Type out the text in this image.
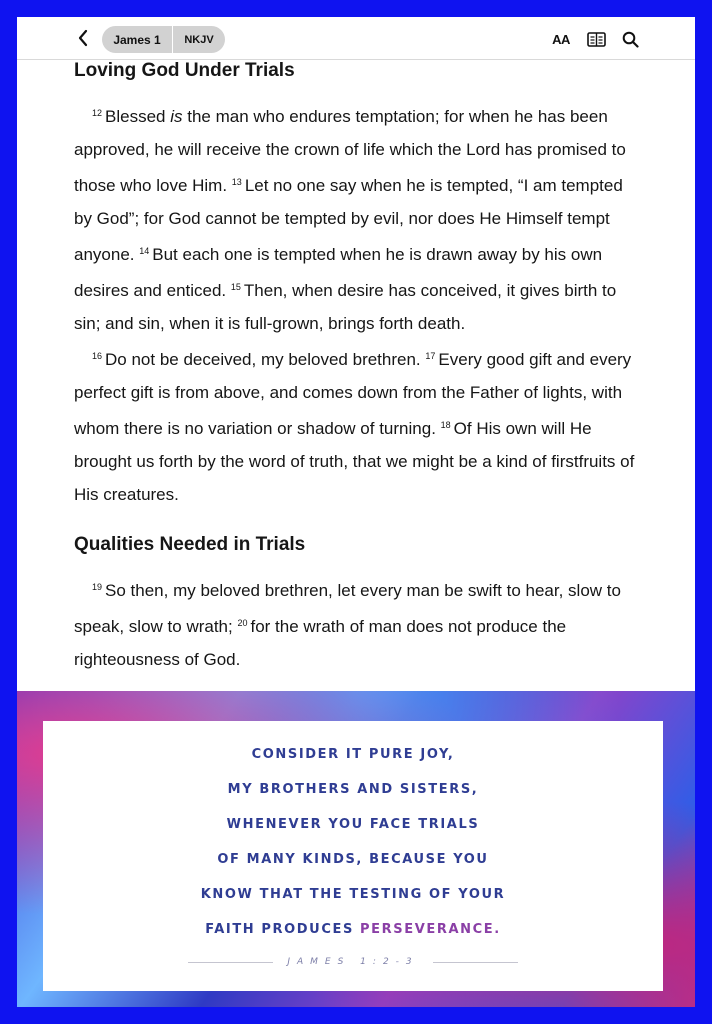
James 1	NKJV	AA
Loving God Under Trials

$^{12}$ Blessed is the man who endures temptation; for when he has been approved, he will receive the crown of life which the Lord has promised to those who love Him. $^{13}$ Let no one say when he is tempted, “I am tempted by God”; for God cannot be tempted by evil, nor does He Himself tempt anyone. $^{14}$ But each one is tempted when he is drawn away by his own desires and enticed. $^{15}$ Then, when desire has conceived, it gives birth to sin; and sin, when it is full-grown, brings forth death.

$^{16}$ Do not be deceived, my beloved brethren. $^{17}$ Every good gift and every perfect gift is from above, and comes down from the Father of lights, with whom there is no variation or shadow of turning. $^{18}$ Of His own will He brought us forth by the word of truth, that we might be a kind of firstfruits of His creatures.

Qualities Needed in Trials

$^{19}$ So then, my beloved brethren, let every man be swift to hear, slow to speak, slow to wrath; $^{20}$ for the wrath of man does not produce the righteousness of God.

CONSIDER IT PURE JOY,
MY BROTHERS AND SISTERS,
WHENEVER YOU FACE TRIALS
OF MANY KINDS, BECAUSE YOU
KNOW THAT THE TESTING OF YOUR
FAITH PRODUCES PERSEVERANCE.
JAMES 1:2-3
